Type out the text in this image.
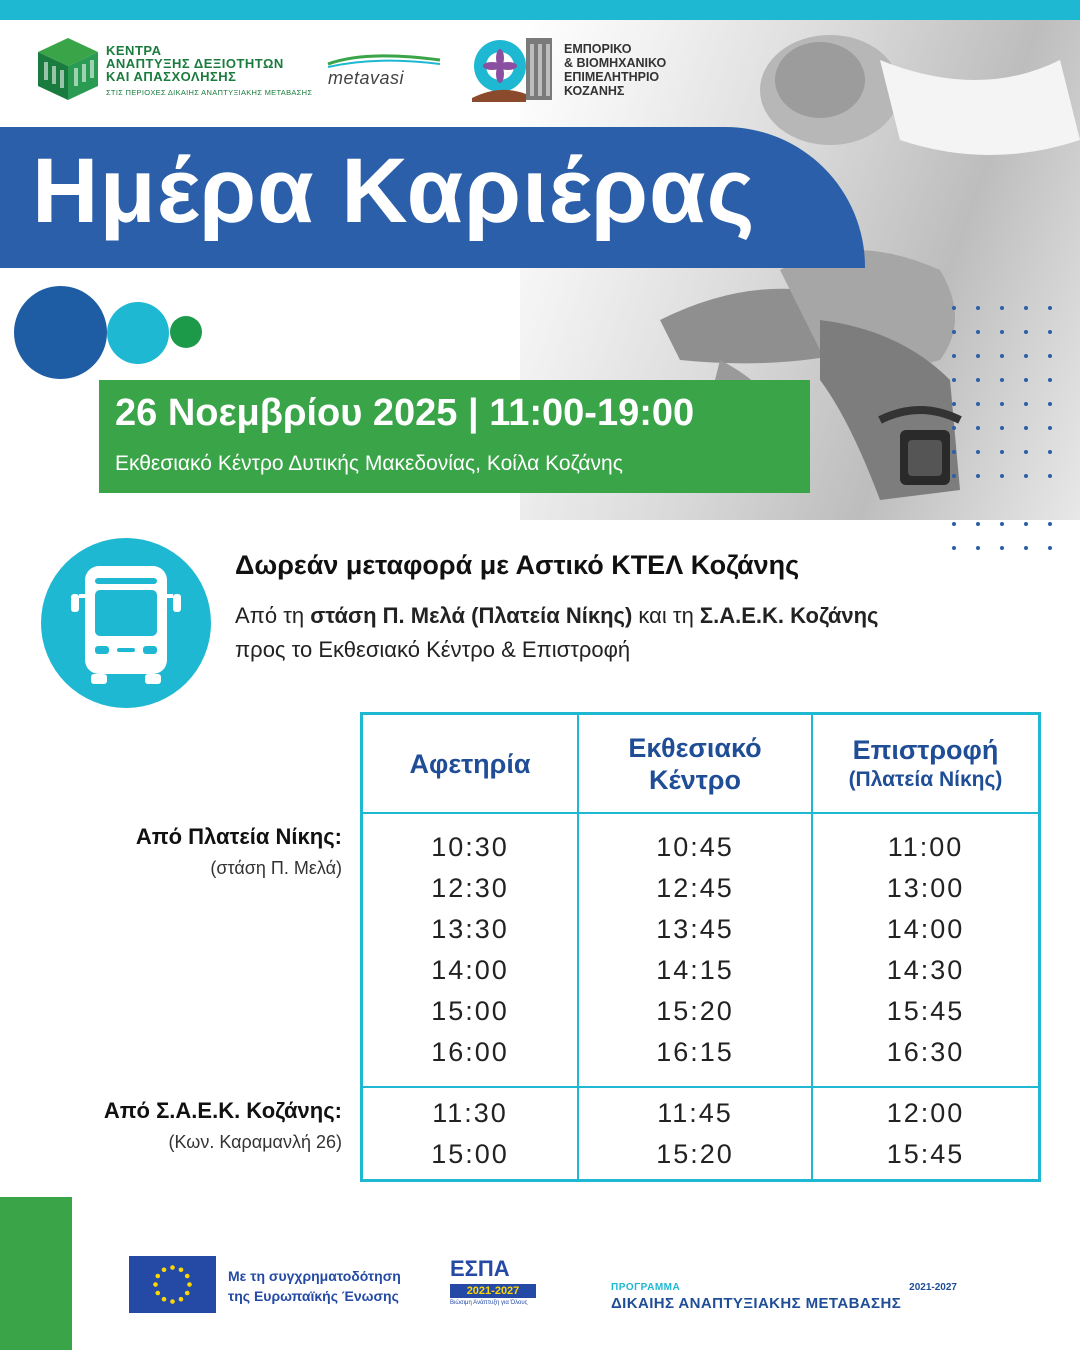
ΚΕΝΤΡΑ
ΑΝΑΠΤΥΞΗΣ ΔΕΞΙΟΤΗΤΩΝ
ΚΑΙ ΑΠΑΣΧΟΛΗΣΗΣ
ΣΤΙΣ ΠΕΡΙΟΧΕΣ ΔΙΚΑΙΗΣ ΑΝΑΠΤΥΞΙΑΚΗΣ ΜΕΤΑΒΑΣΗΣ
metavasi
ΕΜΠΟΡΙΚΟ
& ΒΙΟΜΗΧΑΝΙΚΟ
ΕΠΙΜΕΛΗΤΗΡΙΟ
ΚΟΖΑΝΗΣ
Ημέρα Καριέρας
26 Νοεμβρίου 2025 | 11:00-19:00
Εκθεσιακό Κέντρο Δυτικής Μακεδονίας, Κοίλα Κοζάνης
Δωρεάν μεταφορά με Αστικό ΚΤΕΛ Κοζάνης
Από τη στάση Π. Μελά (Πλατεία Νίκης) και τη Σ.Α.Ε.Κ. Κοζάνης
προς το Εκθεσιακό Κέντρο & Επιστροφή
Αφετηρία
Εκθεσιακό
Κέντρο
Επιστροφή
(Πλατεία Νίκης)
10:30
12:30
13:30
14:00
15:00
16:00
10:45
12:45
13:45
14:15
15:20
16:15
11:00
13:00
14:00
14:30
15:45
16:30
11:30
15:00
11:45
15:20
12:00
15:45
Από Πλατεία Νίκης:
(στάση Π. Μελά)
Από Σ.Α.Ε.Κ. Κοζάνης:
(Κων. Καραμανλή 26)
Με τη συγχρηματοδότηση
της Ευρωπαϊκής Ένωσης
ΕΣΠΑ
2021-2027
Βιώσιμη Ανάπτυξη για Όλους
ΠΡΟΓΡΑΜΜΑ	2021-2027
ΔΙΚΑΙΗΣ ΑΝΑΠΤΥΞΙΑΚΗΣ ΜΕΤΑΒΑΣΗΣ
